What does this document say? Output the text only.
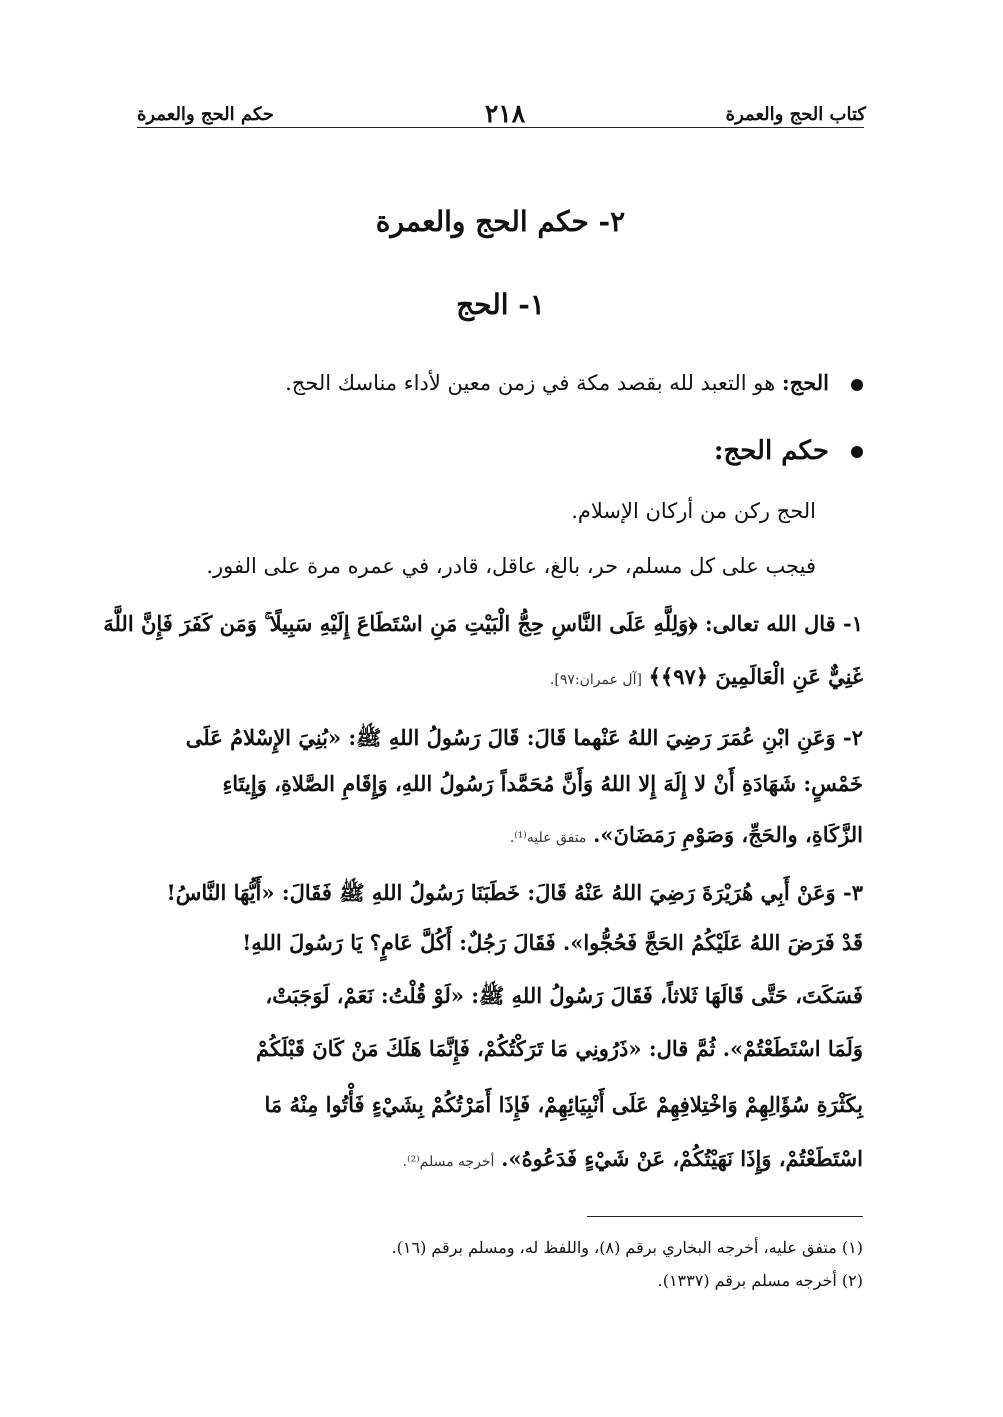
كتاب الحج والعمرة
٢١٨
حكم الحج والعمرة
٢- حكم الحج والعمرة
١- الحج
الحج: هو التعبد لله بقصد مكة في زمن معين لأداء مناسك الحج.
حكم الحج:
الحج ركن من أركان الإسلام.
فيجب على كل مسلم، حر، بالغ، عاقل، قادر، في عمره مرة على الفور.
١- قال الله تعالى: ﴿وَلِلَّهِ عَلَى النَّاسِ حِجُّ الْبَيْتِ مَنِ اسْتَطَاعَ إِلَيْهِ سَبِيلًا ۚ وَمَن كَفَرَ فَإِنَّ اللَّهَ
غَنِيٌّ عَنِ الْعَالَمِينَ ﴿٩٧﴾﴾ [آل عمران:٩٧].
٢- وَعَنِ ابْنِ عُمَرَ رَضِيَ اللهُ عَنْهما قَالَ: قَالَ رَسُولُ اللهِ ﷺ: «بُنِيَ الإِسْلامُ عَلَى
خَمْسٍ: شَهَادَةِ أَنْ لا إِلَهَ إِلا اللهُ وَأَنَّ مُحَمَّداً رَسُولُ اللهِ، وَإِقَامِ الصَّلاةِ، وَإِيتَاءِ
الزَّكَاةِ، والحَجِّ، وَصَوْمِ رَمَضَانَ». متفق عليه⁽¹⁾.
٣- وَعَنْ أَبِي هُرَيْرَةَ رَضِيَ اللهُ عَنْهُ قَالَ: خَطَبَنَا رَسُولُ اللهِ ﷺ فَقَالَ: «أَيُّهَا النَّاسُ!
قَدْ فَرَضَ اللهُ عَلَيْكُمُ الحَجَّ فَحُجُّوا». فَقَالَ رَجُلٌ: أَكُلَّ عَامٍ؟ يَا رَسُولَ اللهِ!
فَسَكَتَ، حَتَّى قَالَهَا ثَلاثاً، فَقَالَ رَسُولُ اللهِ ﷺ: «لَوْ قُلْتُ: نَعَمْ، لَوَجَبَتْ،
وَلَمَا اسْتَطَعْتُمْ». ثُمَّ قال: «ذَرُونِي مَا تَرَكْتُكُمْ، فَإِنَّمَا هَلَكَ مَنْ كَانَ قَبْلَكُمْ
بِكَثْرَةِ سُؤَالِهِمْ وَاخْتِلافِهِمْ عَلَى أَنْبِيَائِهِمْ، فَإِذَا أَمَرْتُكُمْ بِشَيْءٍ فَأْتُوا مِنْهُ مَا
اسْتَطَعْتُمْ، وَإِذَا نَهَيْتُكُمْ، عَنْ شَيْءٍ فَدَعُوهُ». أخرجه مسلم⁽²⁾.
(١) متفق عليه، أخرجه البخاري برقم (٨)، واللفظ له، ومسلم برقم (١٦).
(٢) أخرجه مسلم برقم (١٣٣٧).
